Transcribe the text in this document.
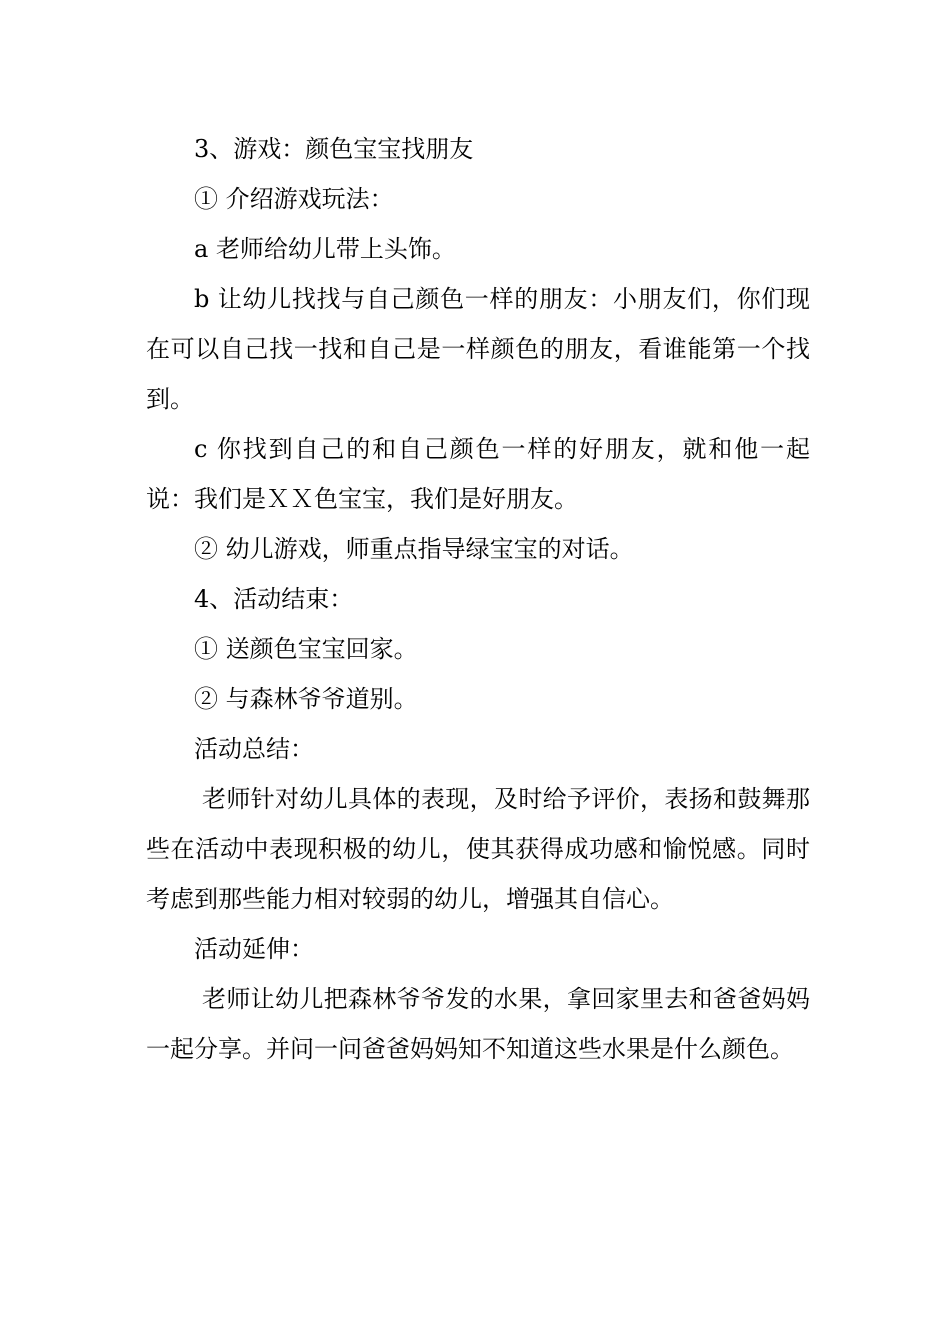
3、游戏：颜色宝宝找朋友

① 介绍游戏玩法：

a 老师给幼儿带上头饰。

b 让幼儿找找与自己颜色一样的朋友：小朋友们，你们现在可以自己找一找和自己是一样颜色的朋友，看谁能第一个找到。

c 你找到自己的和自己颜色一样的好朋友，就和他一起说：我们是ＸＸ色宝宝，我们是好朋友。

② 幼儿游戏，师重点指导绿宝宝的对话。

4、活动结束：

① 送颜色宝宝回家。

② 与森林爷爷道别。

活动总结：

老师针对幼儿具体的表现，及时给予评价，表扬和鼓舞那些在活动中表现积极的幼儿，使其获得成功感和愉悦感。同时考虑到那些能力相对较弱的幼儿，增强其自信心。

活动延伸：

老师让幼儿把森林爷爷发的水果，拿回家里去和爸爸妈妈一起分享。并问一问爸爸妈妈知不知道这些水果是什么颜色。
